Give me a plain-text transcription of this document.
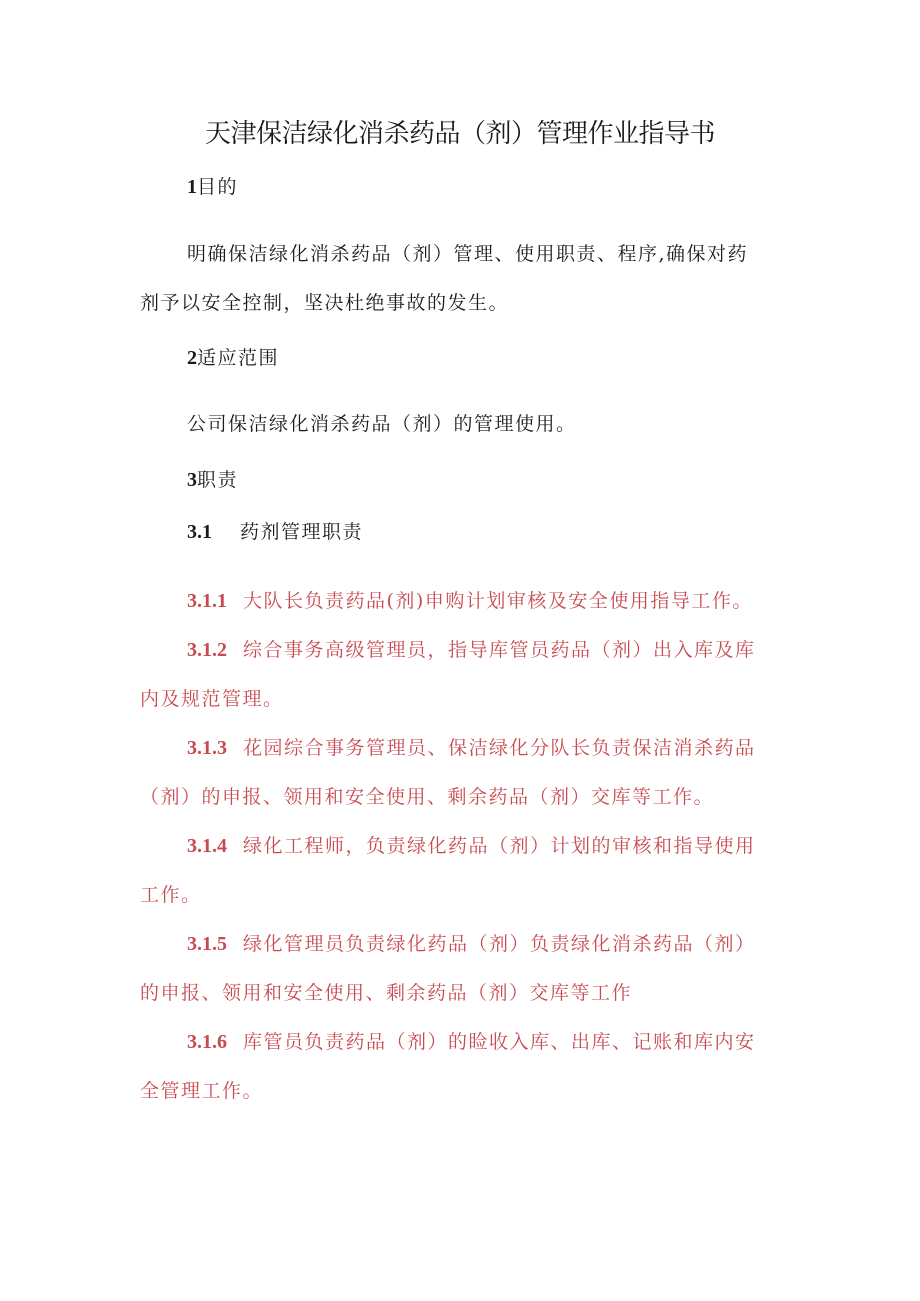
天津保洁绿化消杀药品（剂）管理作业指导书
1目的
明确保洁绿化消杀药品（剂）管理、使用职责、程序,确保对药
剂予以安全控制，坚决杜绝事故的发生。
2适应范围
公司保洁绿化消杀药品（剂）的管理使用。
3职责
3.1 药剂管理职责
3.1.1 大队长负责药品(剂)申购计划审核及安全使用指导工作。
3.1.2 综合事务高级管理员，指导库管员药品（剂）出入库及库
内及规范管理。
3.1.3 花园综合事务管理员、保洁绿化分队长负责保洁消杀药品
（剂）的申报、领用和安全使用、剩余药品（剂）交库等工作。
3.1.4 绿化工程师，负责绿化药品（剂）计划的审核和指导使用
工作。
3.1.5 绿化管理员负责绿化药品（剂）负责绿化消杀药品（剂）
的申报、领用和安全使用、剩余药品（剂）交库等工作
3.1.6 库管员负责药品（剂）的睑收入库、出库、记账和库内安
全管理工作。
